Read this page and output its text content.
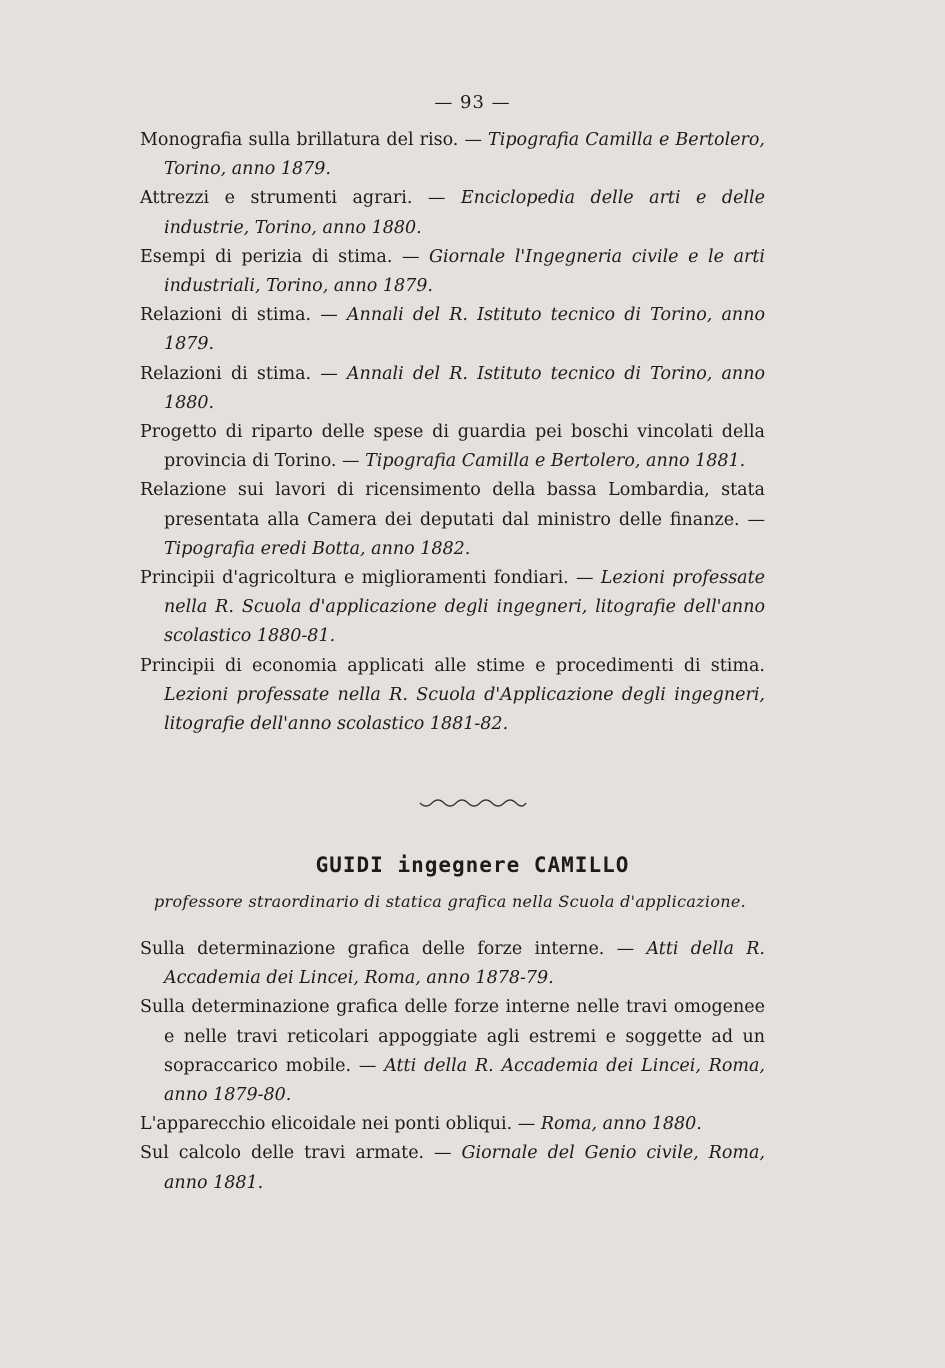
— 93 —

Monografia sulla brillatura del riso. — Tipografia Camilla e Bertolero, Torino, anno 1879.

Attrezzi e strumenti agrari. — Enciclopedia delle arti e delle industrie, Torino, anno 1880.

Esempi di perizia di stima. — Giornale l'Ingegneria civile e le arti industriali, Torino, anno 1879.

Relazioni di stima. — Annali del R. Istituto tecnico di Torino, anno 1879.

Relazioni di stima. — Annali del R. Istituto tecnico di Torino, anno 1880.

Progetto di riparto delle spese di guardia pei boschi vincolati della provincia di Torino. — Tipografia Camilla e Bertolero, anno 1881.

Relazione sui lavori di ricensimento della bassa Lombardia, stata presentata alla Camera dei deputati dal ministro delle finanze. — Tipografia eredi Botta, anno 1882.

Principii d'agricoltura e miglioramenti fondiari. — Lezioni professate nella R. Scuola d'applicazione degli ingegneri, litografie dell'anno scolastico 1880-81.

Principii di economia applicati alle stime e procedimenti di stima. Lezioni professate nella R. Scuola d'Applicazione degli ingegneri, litografie dell'anno scolastico 1881-82.

GUIDI ingegnere CAMILLO
professore straordinario di statica grafica nella Scuola d'applicazione.

Sulla determinazione grafica delle forze interne. — Atti della R. Accademia dei Lincei, Roma, anno 1878-79.

Sulla determinazione grafica delle forze interne nelle travi omogenee e nelle travi reticolari appoggiate agli estremi e soggette ad un sopraccarico mobile. — Atti della R. Accademia dei Lincei, Roma, anno 1879-80.

L'apparecchio elicoidale nei ponti obliqui. — Roma, anno 1880.

Sul calcolo delle travi armate. — Giornale del Genio civile, Roma, anno 1881.
